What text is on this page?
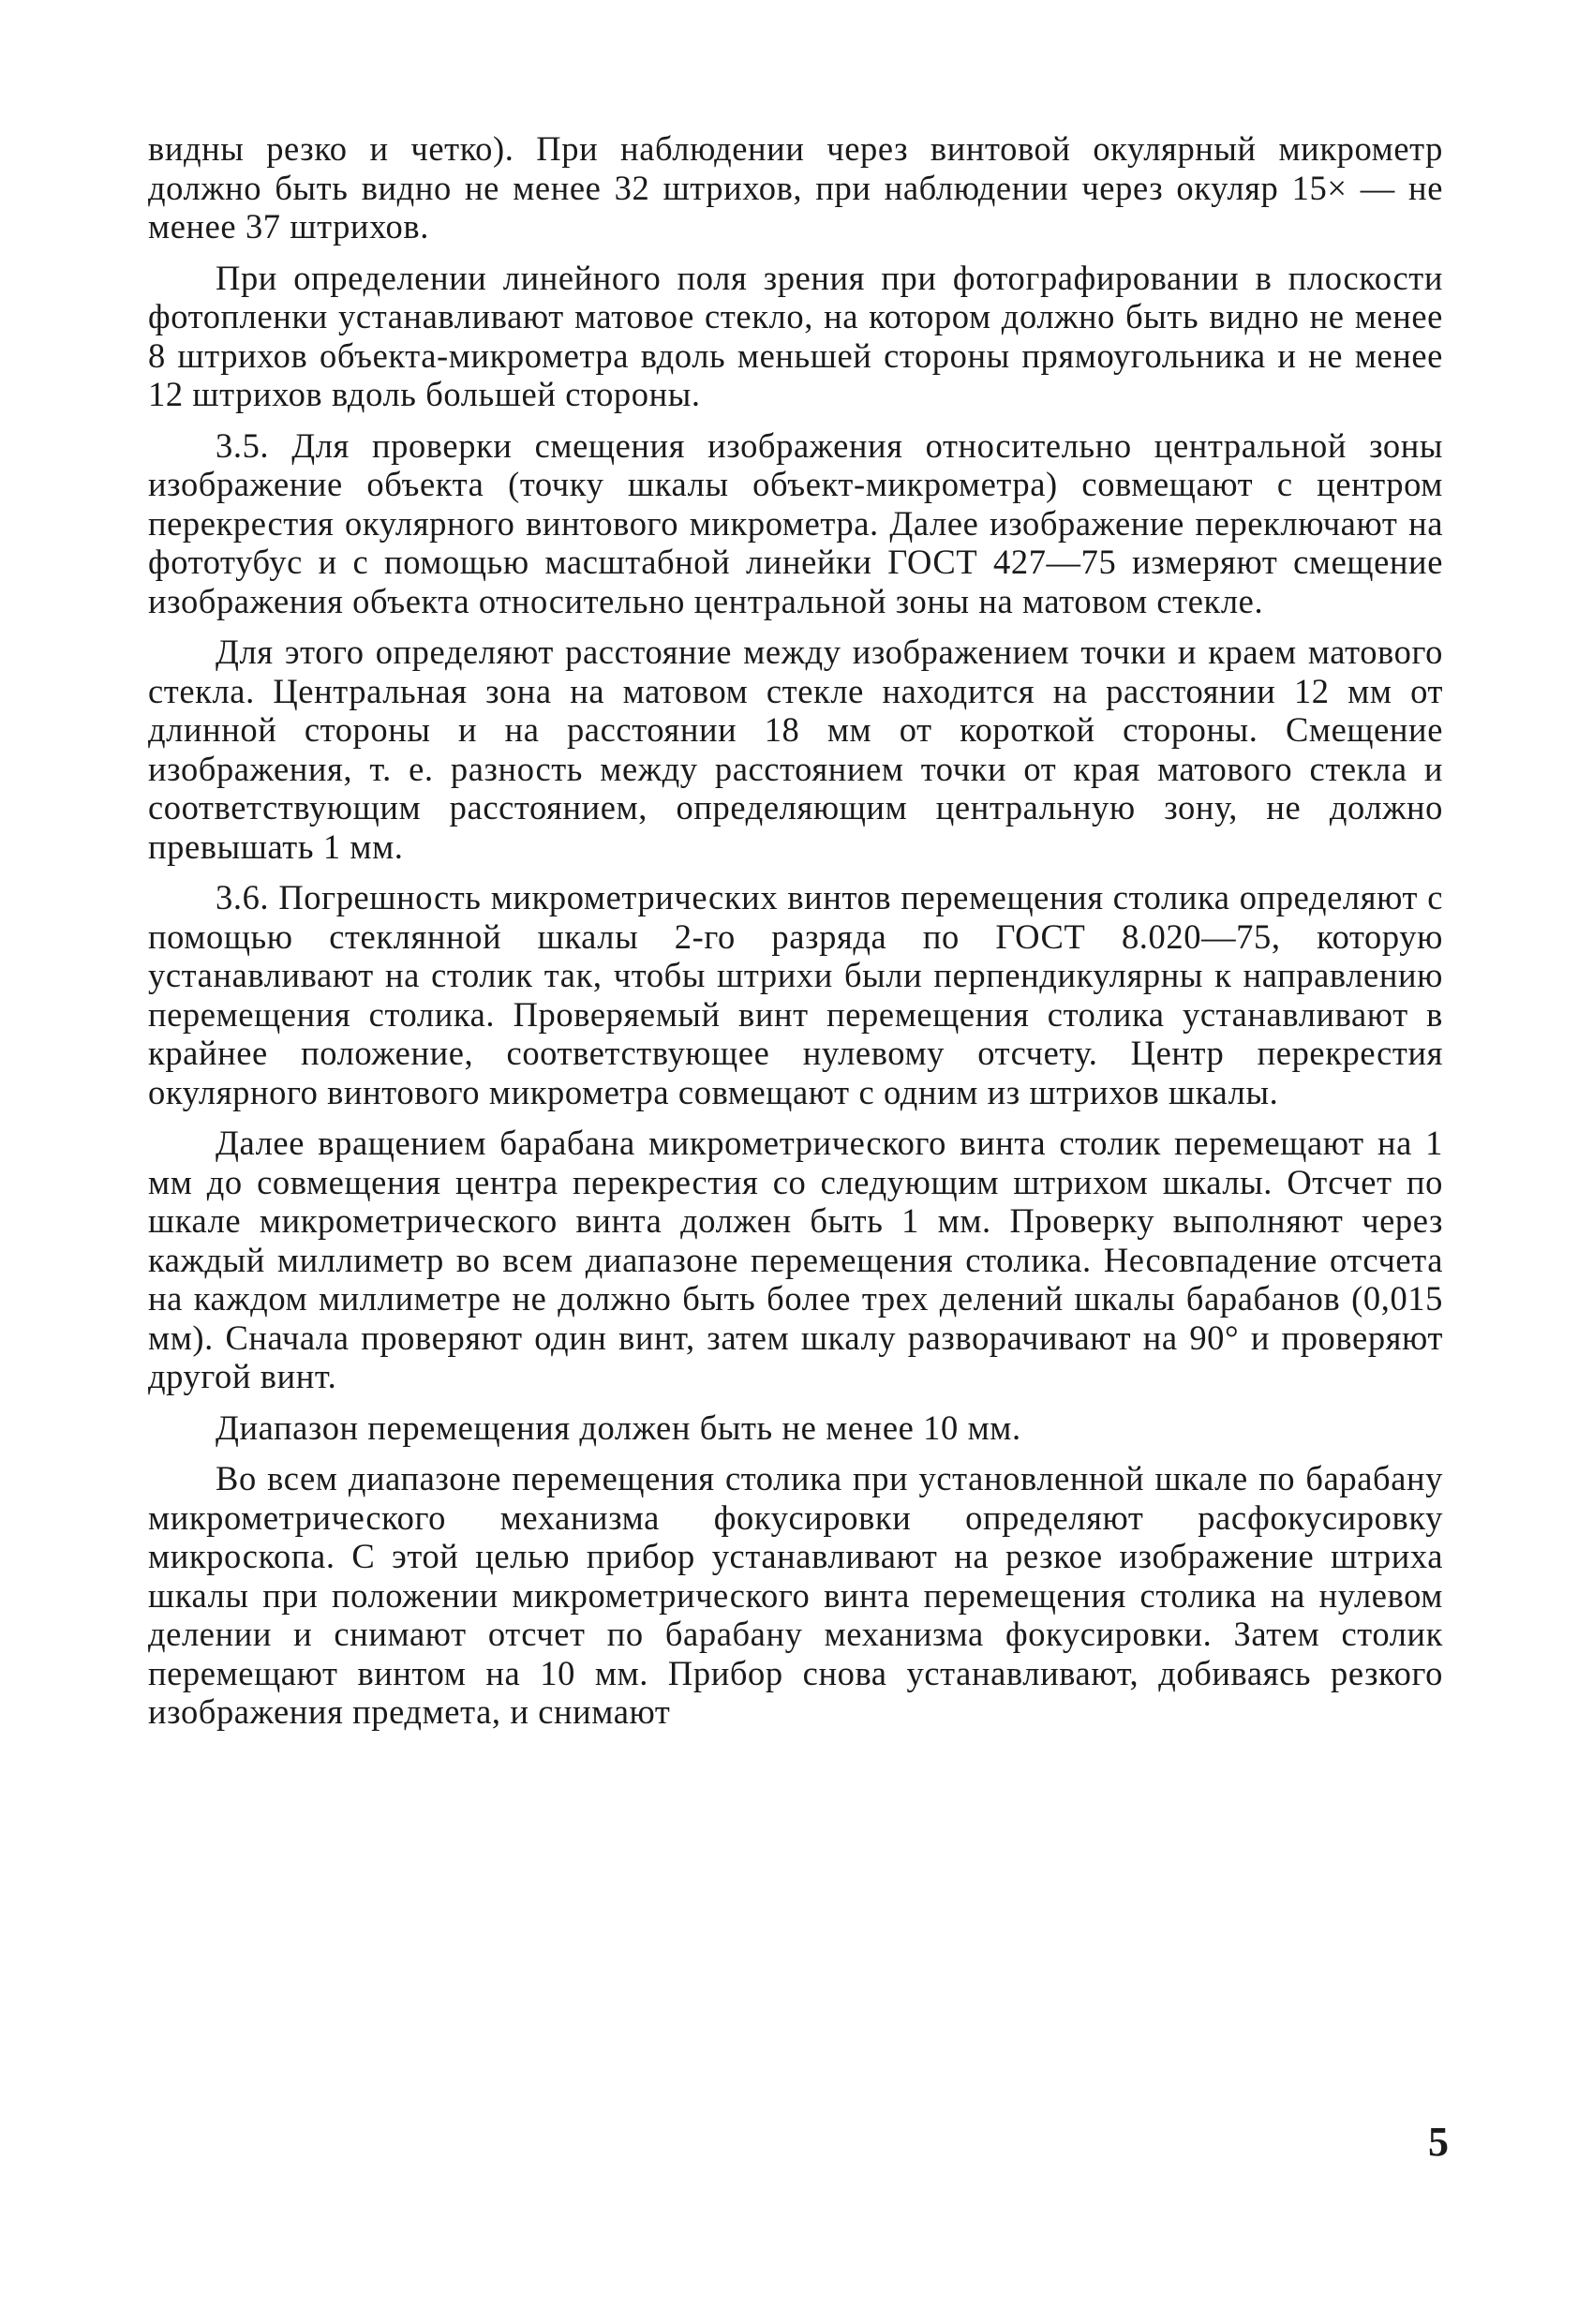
видны резко и четко). При наблюдении через винтовой окулярный микрометр должно быть видно не менее 32 штрихов, при наблюдении через окуляр 15× — не менее 37 штрихов.

При определении линейного поля зрения при фотографировании в плоскости фотопленки устанавливают матовое стекло, на котором должно быть видно не менее 8 штрихов объекта-микрометра вдоль меньшей стороны прямоугольника и не менее 12 штрихов вдоль большей стороны.

3.5. Для проверки смещения изображения относительно центральной зоны изображение объекта (точку шкалы объект-микрометра) совмещают с центром перекрестия окулярного винтового микрометра. Далее изображение переключают на фототубус и с помощью масштабной линейки ГОСТ 427—75 измеряют смещение изображения объекта относительно центральной зоны на матовом стекле.

Для этого определяют расстояние между изображением точки и краем матового стекла. Центральная зона на матовом стекле находится на расстоянии 12 мм от длинной стороны и на расстоянии 18 мм от короткой стороны. Смещение изображения, т. е. разность между расстоянием точки от края матового стекла и соответствующим расстоянием, определяющим центральную зону, не должно превышать 1 мм.

3.6. Погрешность микрометрических винтов перемещения столика определяют с помощью стеклянной шкалы 2-го разряда по ГОСТ 8.020—75, которую устанавливают на столик так, чтобы штрихи были перпендикулярны к направлению перемещения столика. Проверяемый винт перемещения столика устанавливают в крайнее положение, соответствующее нулевому отсчету. Центр перекрестия окулярного винтового микрометра совмещают с одним из штрихов шкалы.

Далее вращением барабана микрометрического винта столик перемещают на 1 мм до совмещения центра перекрестия со следующим штрихом шкалы. Отсчет по шкале микрометрического винта должен быть 1 мм. Проверку выполняют через каждый миллиметр во всем диапазоне перемещения столика. Несовпадение отсчета на каждом миллиметре не должно быть более трех делений шкалы барабанов (0,015 мм). Сначала проверяют один винт, затем шкалу разворачивают на 90° и проверяют другой винт.

Диапазон перемещения должен быть не менее 10 мм.

Во всем диапазоне перемещения столика при установленной шкале по барабану микрометрического механизма фокусировки определяют расфокусировку микроскопа. С этой целью прибор устанавливают на резкое изображение штриха шкалы при положении микрометрического винта перемещения столика на нулевом делении и снимают отсчет по барабану механизма фокусировки. Затем столик перемещают винтом на 10 мм. Прибор снова устанавливают, добиваясь резкого изображения предмета, и снимают

5
